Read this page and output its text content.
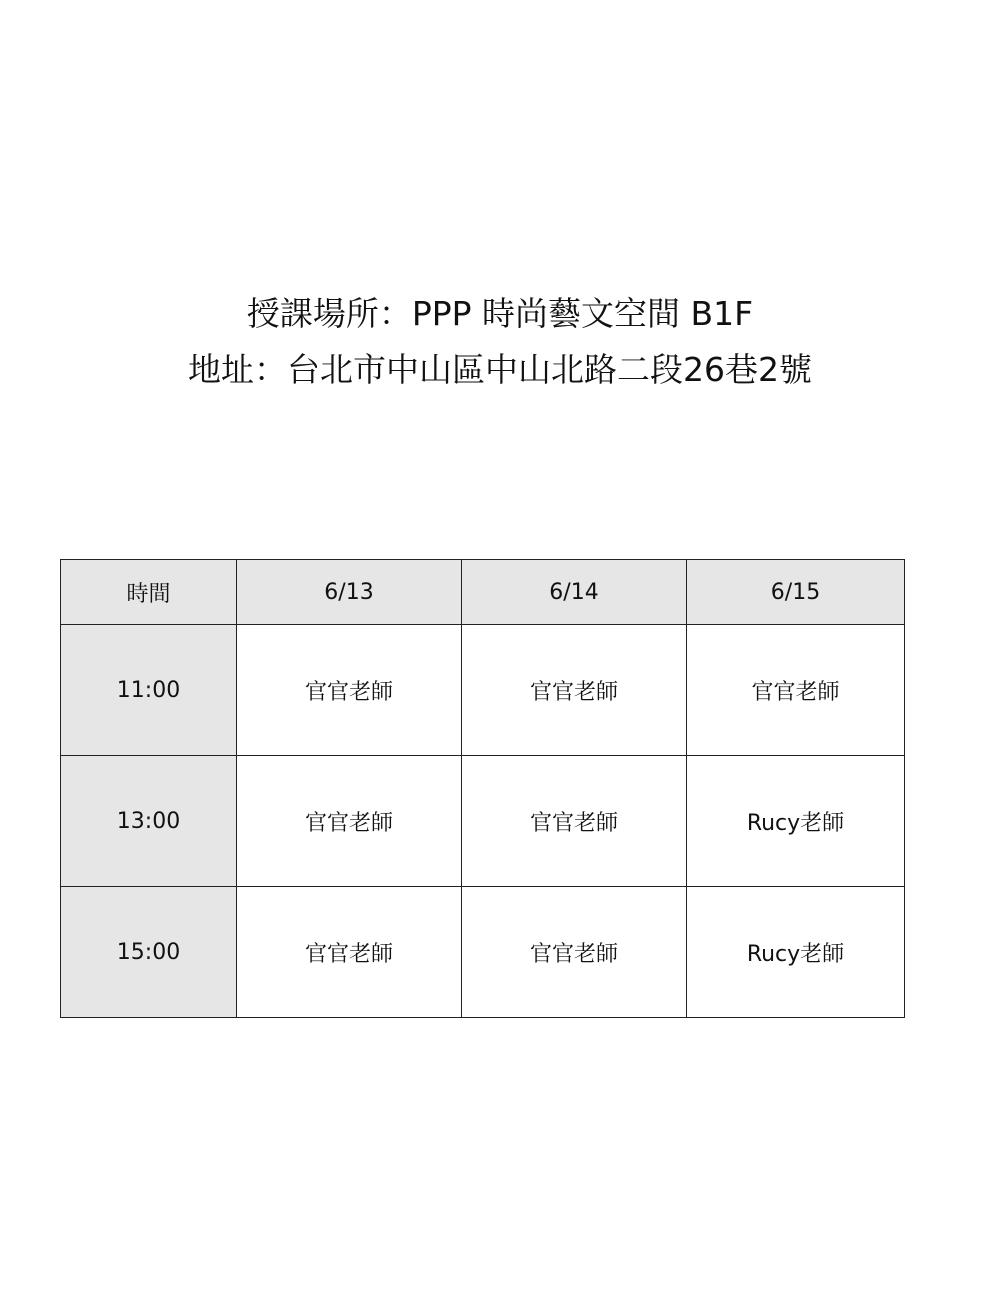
授課場所：PPP 時尚藝文空間 B1F
地址：台北市中山區中山北路二段26巷2號
時間	6/13	6/14	6/15
11:00	官官老師	官官老師	官官老師
13:00	官官老師	官官老師	Rucy老師
15:00	官官老師	官官老師	Rucy老師
